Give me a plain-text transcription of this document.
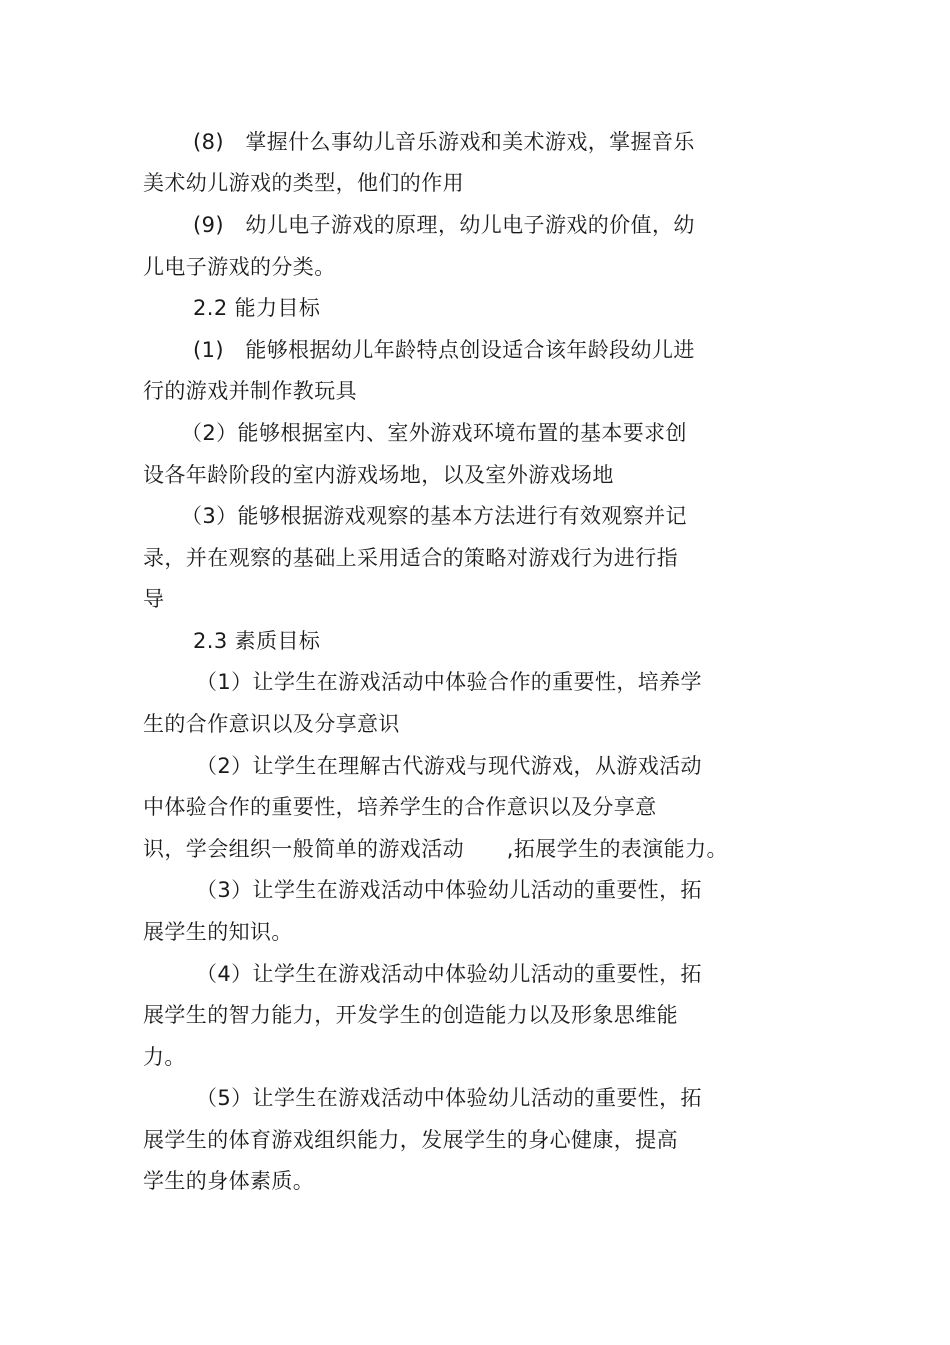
(8)　掌握什么事幼儿音乐游戏和美术游戏，掌握音乐
美术幼儿游戏的类型，他们的作用
(9)　幼儿电子游戏的原理，幼儿电子游戏的价值，幼
儿电子游戏的分类。
2.2 能力目标
(1)　能够根据幼儿年龄特点创设适合该年龄段幼儿进
行的游戏并制作教玩具
（2）能够根据室内、室外游戏环境布置的基本要求创
设各年龄阶段的室内游戏场地，以及室外游戏场地
（3）能够根据游戏观察的基本方法进行有效观察并记
录，并在观察的基础上采用适合的策略对游戏行为进行指
导
2.3 素质目标
（1）让学生在游戏活动中体验合作的重要性，培养学
生的合作意识以及分享意识
（2）让学生在理解古代游戏与现代游戏，从游戏活动
中体验合作的重要性，培养学生的合作意识以及分享意
识，学会组织一般简单的游戏活动　　,拓展学生的表演能力。
（3）让学生在游戏活动中体验幼儿活动的重要性，拓
展学生的知识。
（4）让学生在游戏活动中体验幼儿活动的重要性，拓
展学生的智力能力，开发学生的创造能力以及形象思维能
力。
（5）让学生在游戏活动中体验幼儿活动的重要性，拓
展学生的体育游戏组织能力，发展学生的身心健康，提高
学生的身体素质。
